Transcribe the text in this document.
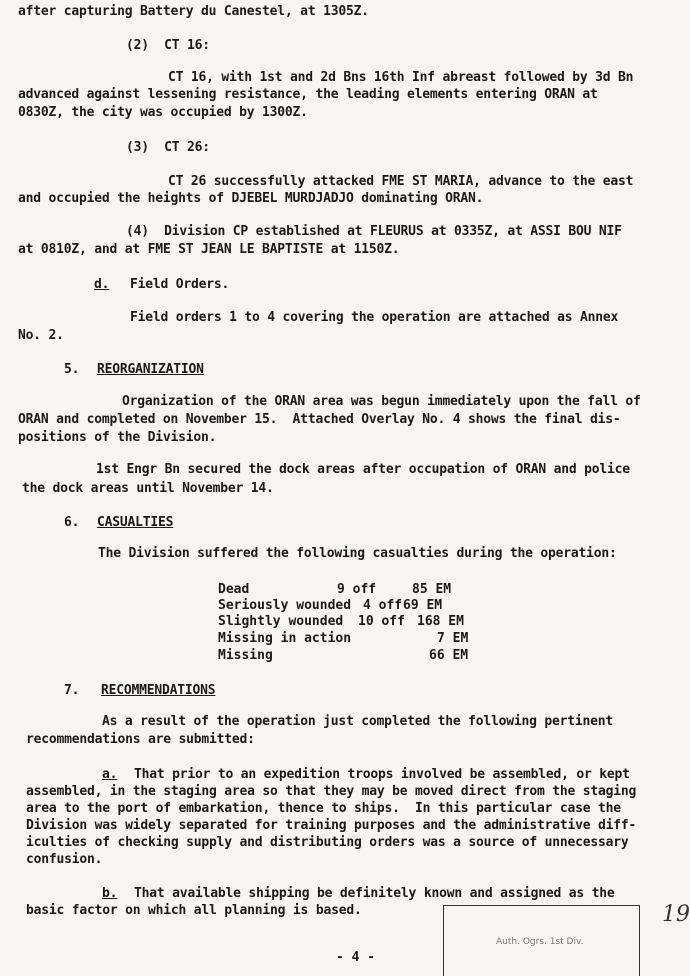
after capturing Battery du Canestel, at 1305Z.
(2)  CT 16:
CT 16, with 1st and 2d Bns 16th Inf abreast followed by 3d Bn
advanced against lessening resistance, the leading elements entering ORAN at
0830Z, the city was occupied by 1300Z.
(3)  CT 26:
CT 26 successfully attacked FME ST MARIA, advance to the east
and occupied the heights of DJEBEL MURDJADJO dominating ORAN.
(4)  Division CP established at FLEURUS at 0335Z, at ASSI BOU NIF
at 0810Z, and at FME ST JEAN LE BAPTISTE at 1150Z.
d. Field Orders.
Field orders 1 to 4 covering the operation are attached as Annex
No. 2.
5. REORGANIZATION
Organization of the ORAN area was begun immediately upon the fall of
ORAN and completed on November 15.  Attached Overlay No. 4 shows the final dis-
positions of the Division.
1st Engr Bn secured the dock areas after occupation of ORAN and police
the dock areas until November 14.
6. CASUALTIES
The Division suffered the following casualties during the operation:
Dead	9 off	85 EM
Seriously wounded 4 off 69 EM
Slightly wounded 10 off 168 EM
Missing in action	7 EM
Missing	66 EM
7. RECOMMENDATIONS
As a result of the operation just completed the following pertinent
recommendations are submitted:
a. That prior to an expedition troops involved be assembled, or kept
assembled, in the staging area so that they may be moved direct from the staging
area to the port of embarkation, thence to ships.  In this particular case the
Division was widely separated for training purposes and the administrative diff-
iculties of checking supply and distributing orders was a source of unnecessary
confusion.
b. That available shipping be definitely known and assigned as the
basic factor on which all planning is based.
Auth. Ogrs. 1st Div.
19
- 4 -
